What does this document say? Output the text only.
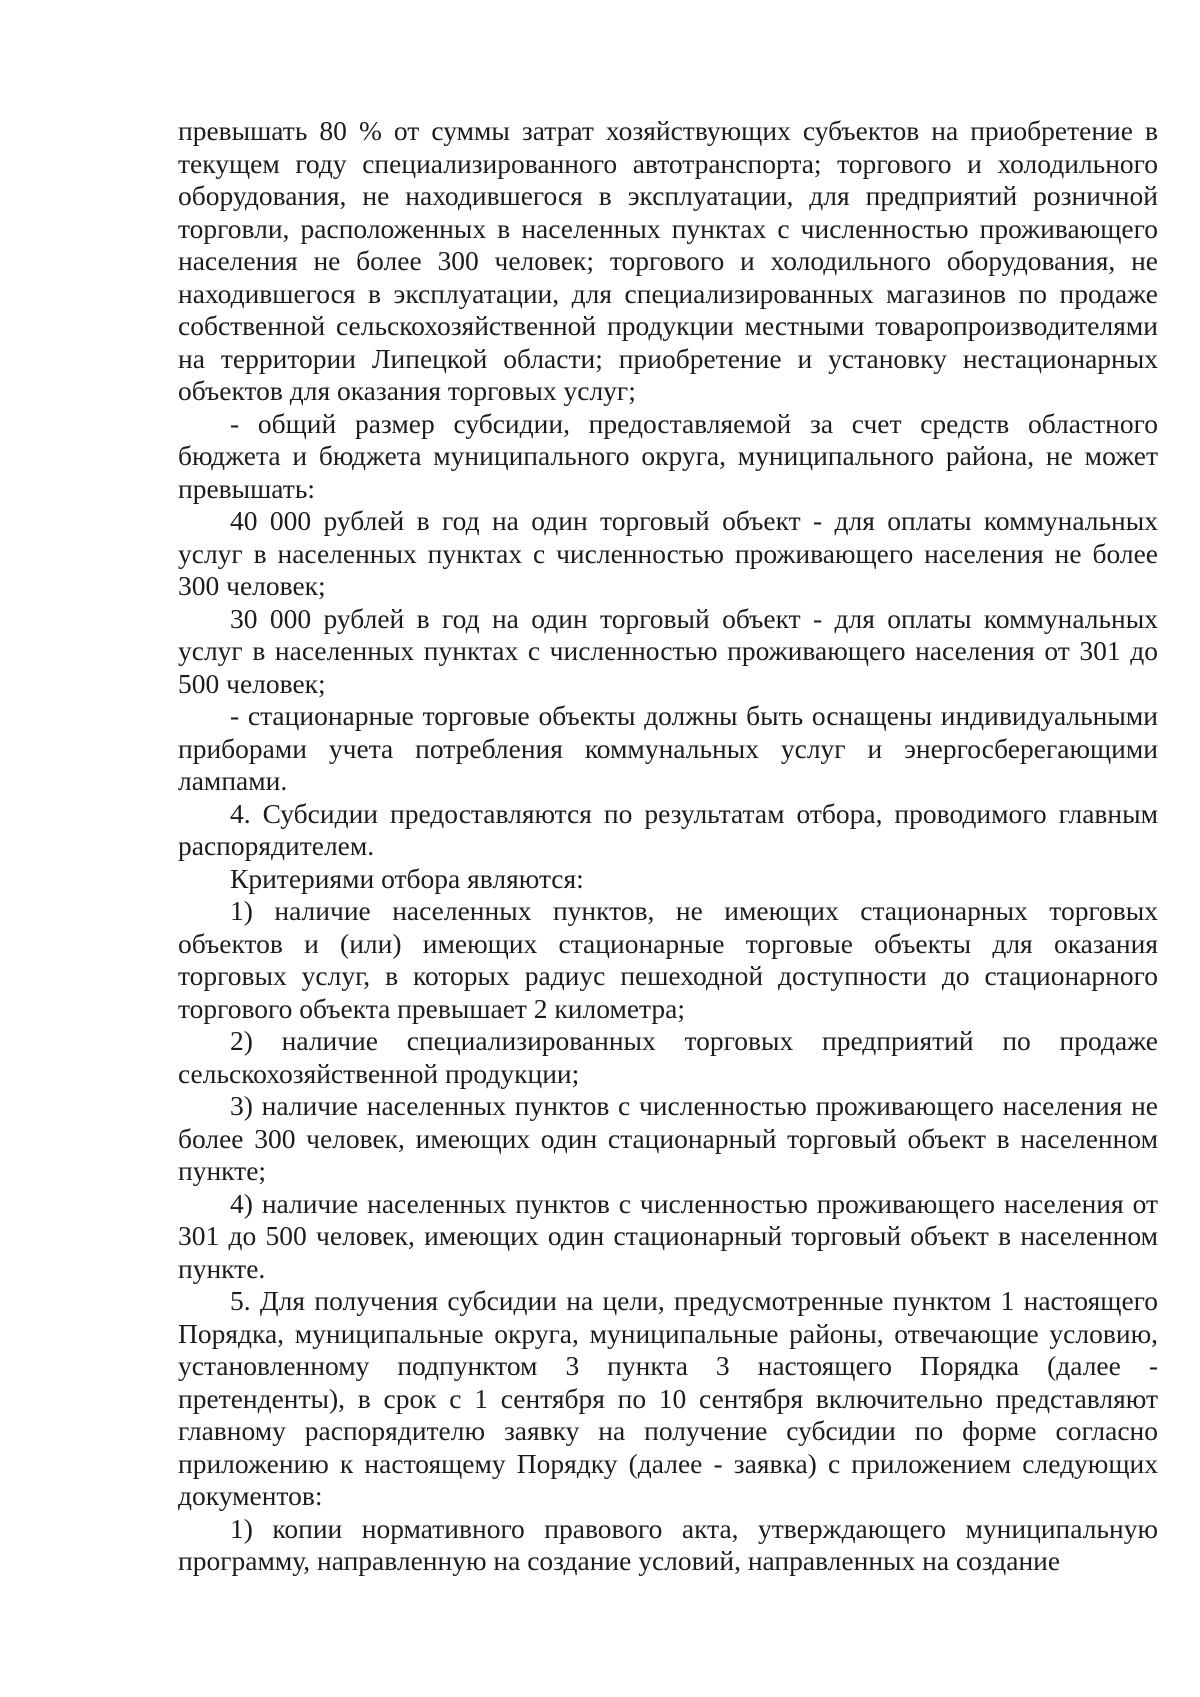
превышать 80 % от суммы затрат хозяйствующих субъектов на приобретение в текущем году специализированного автотранспорта; торгового и холодильного оборудования, не находившегося в эксплуатации, для предприятий розничной торговли, расположенных в населенных пунктах с численностью проживающего населения не более 300 человек; торгового и холодильного оборудования, не находившегося в эксплуатации, для специализированных магазинов по продаже собственной сельскохозяйственной продукции местными товаропроизводителями на территории Липецкой области; приобретение и установку нестационарных объектов для оказания торговых услуг;

- общий размер субсидии, предоставляемой за счет средств областного бюджета и бюджета муниципального округа, муниципального района, не может превышать:

40 000 рублей в год на один торговый объект - для оплаты коммунальных услуг в населенных пунктах с численностью проживающего населения не более 300 человек;

30 000 рублей в год на один торговый объект - для оплаты коммунальных услуг в населенных пунктах с численностью проживающего населения от 301 до 500 человек;

- стационарные торговые объекты должны быть оснащены индивидуальными приборами учета потребления коммунальных услуг и энергосберегающими лампами.

4. Субсидии предоставляются по результатам отбора, проводимого главным распорядителем.

Критериями отбора являются:

1) наличие населенных пунктов, не имеющих стационарных торговых объектов и (или) имеющих стационарные торговые объекты для оказания торговых услуг, в которых радиус пешеходной доступности до стационарного торгового объекта превышает 2 километра;

2) наличие специализированных торговых предприятий по продаже сельскохозяйственной продукции;

3) наличие населенных пунктов с численностью проживающего населения не более 300 человек, имеющих один стационарный торговый объект в населенном пункте;

4) наличие населенных пунктов с численностью проживающего населения от 301 до 500 человек, имеющих один стационарный торговый объект в населенном пункте.

5. Для получения субсидии на цели, предусмотренные пунктом 1 настоящего Порядка, муниципальные округа, муниципальные районы, отвечающие условию, установленному подпунктом 3 пункта 3 настоящего Порядка (далее - претенденты), в срок с 1 сентября по 10 сентября включительно представляют главному распорядителю заявку на получение субсидии по форме согласно приложению к настоящему Порядку (далее - заявка) с приложением следующих документов:

1) копии нормативного правового акта, утверждающего муниципальную программу, направленную на создание условий, направленных на создание
